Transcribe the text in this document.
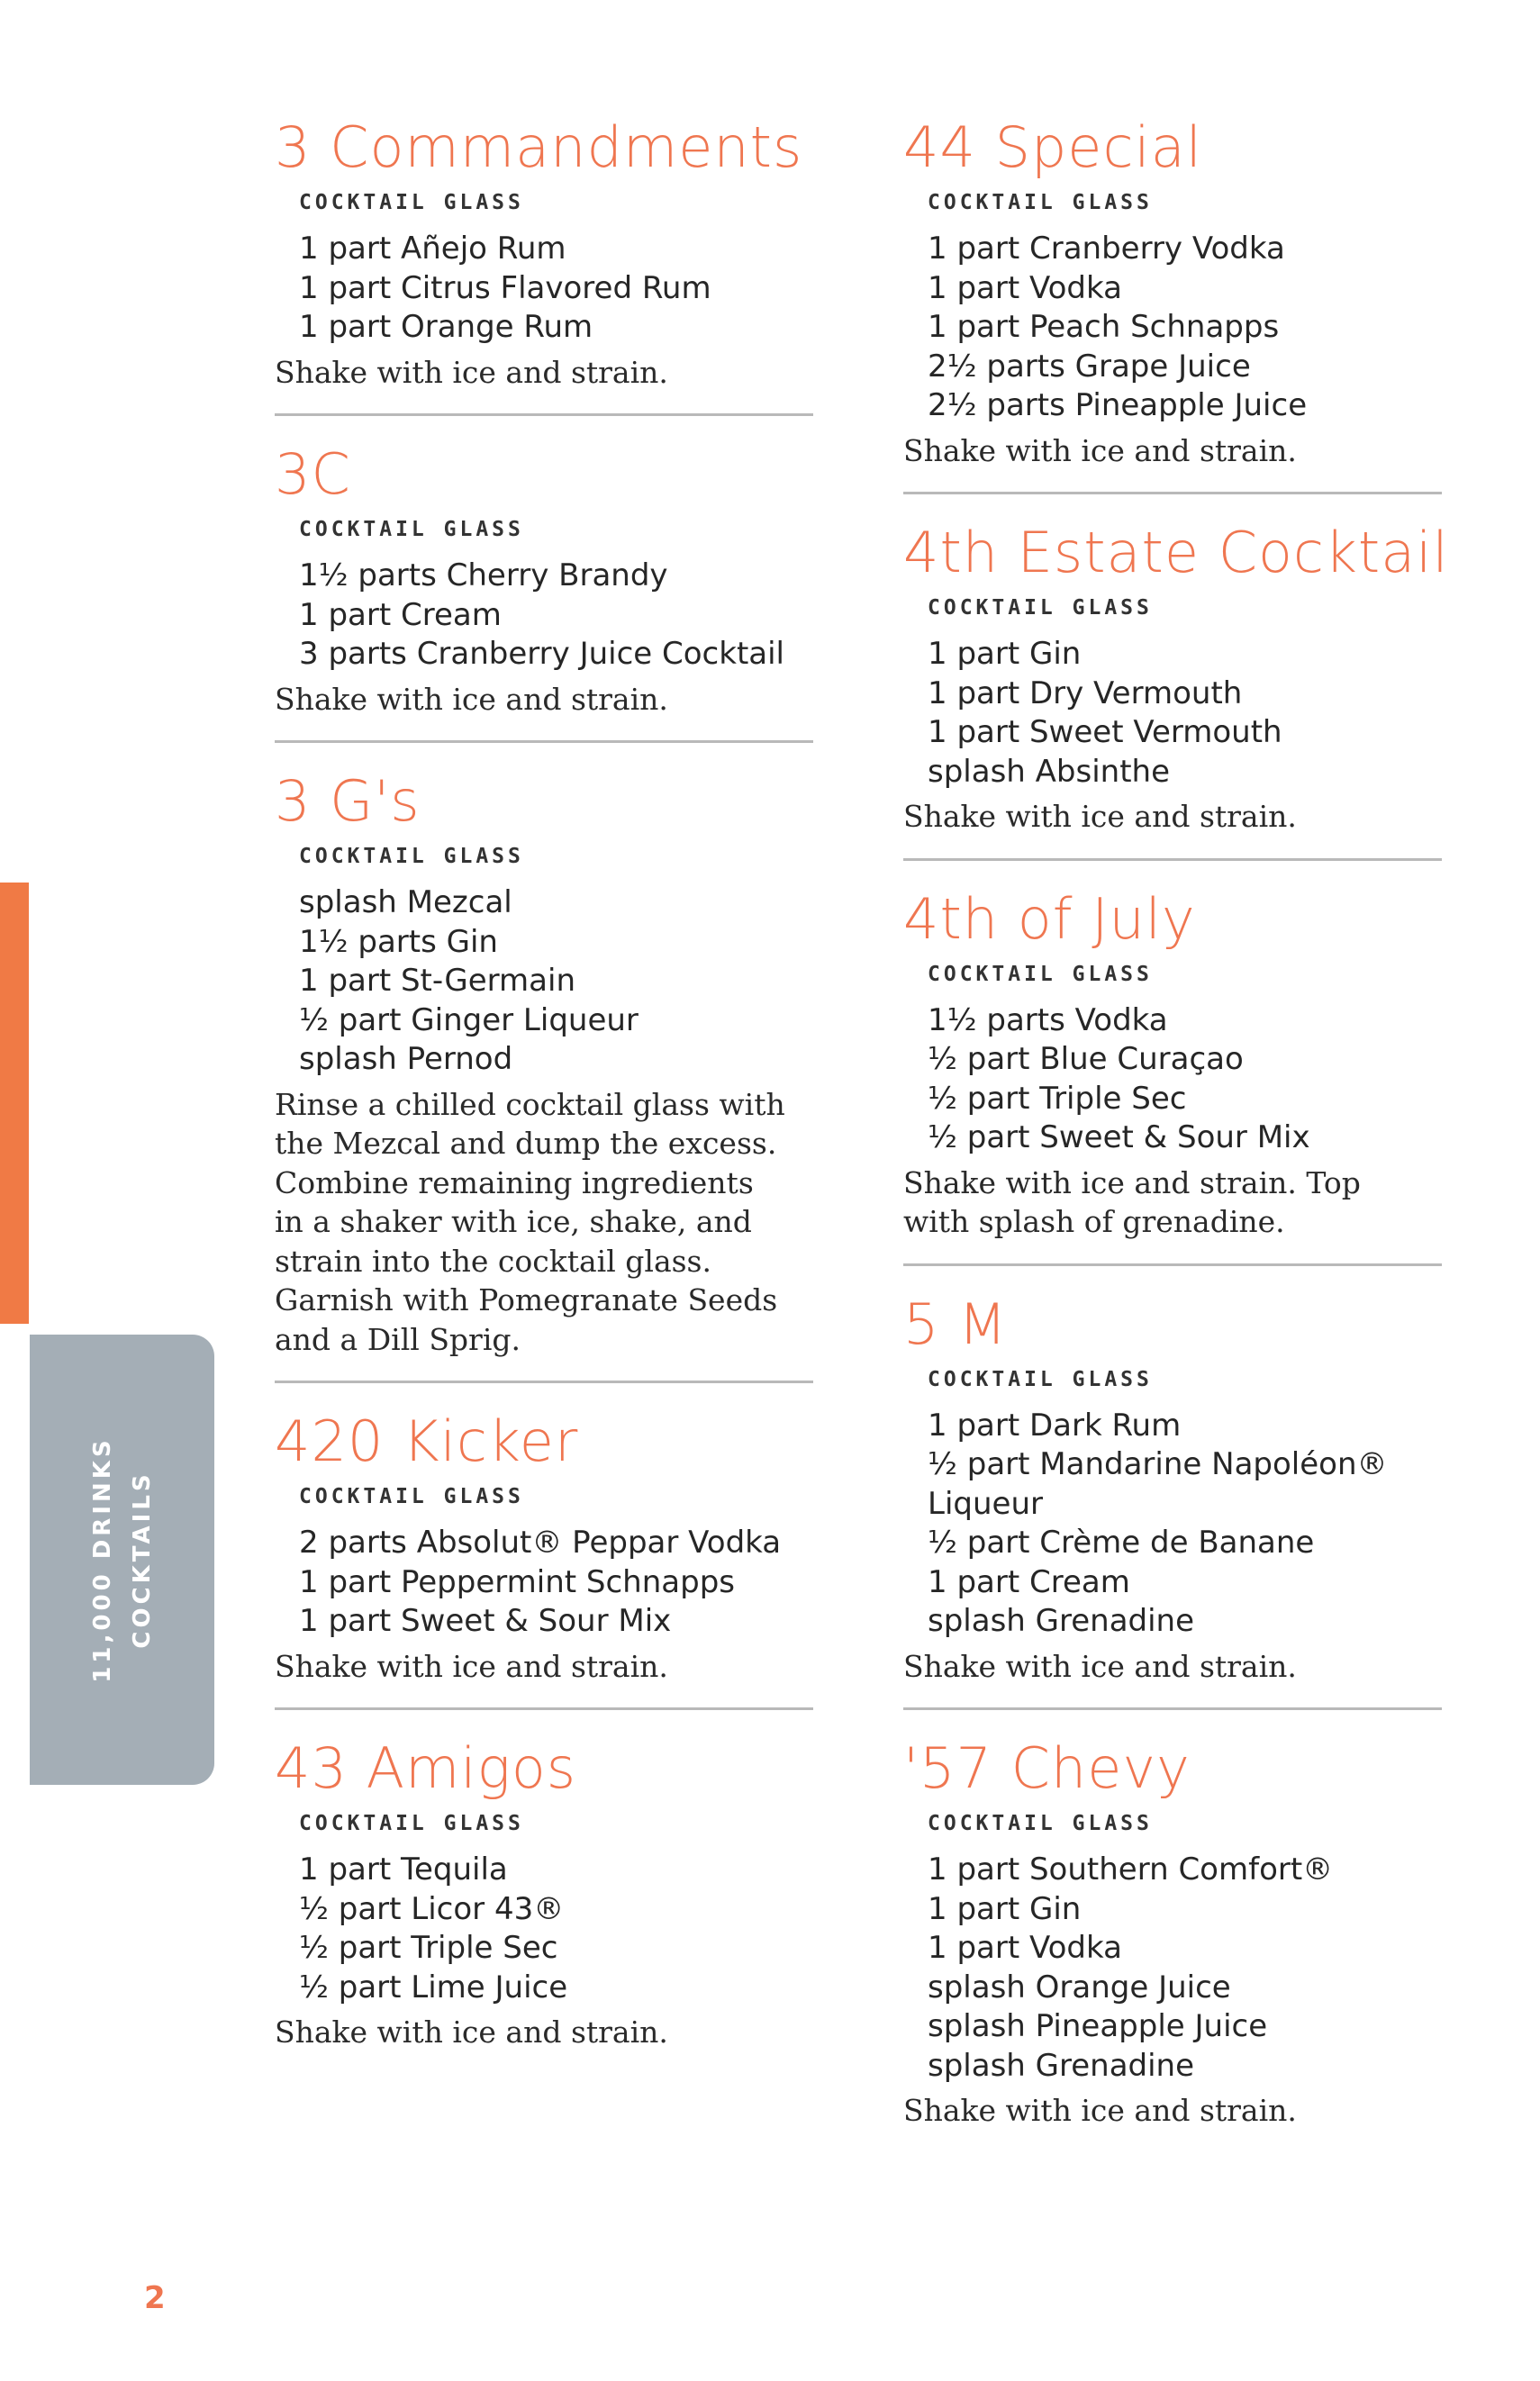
11,000 DRINKS COCKTAILS
3 Commandments
COCKTAIL GLASS
1 part Añejo Rum
1 part Citrus Flavored Rum
1 part Orange Rum

Shake with ice and strain.

3C
COCKTAIL GLASS
1½ parts Cherry Brandy
1 part Cream
3 parts Cranberry Juice Cocktail

Shake with ice and strain.

3 G's
COCKTAIL GLASS
splash Mezcal
1½ parts Gin
1 part St-Germain
½ part Ginger Liqueur
splash Pernod

Rinse a chilled cocktail glass with
the Mezcal and dump the excess.
Combine remaining ingredients
in a shaker with ice, shake, and
strain into the cocktail glass.
Garnish with Pomegranate Seeds
and a Dill Sprig.

420 Kicker
COCKTAIL GLASS
2 parts Absolut® Peppar Vodka
1 part Peppermint Schnapps
1 part Sweet & Sour Mix

Shake with ice and strain.

43 Amigos
COCKTAIL GLASS
1 part Tequila
½ part Licor 43®
½ part Triple Sec
½ part Lime Juice

Shake with ice and strain.

44 Special
COCKTAIL GLASS
1 part Cranberry Vodka
1 part Vodka
1 part Peach Schnapps
2½ parts Grape Juice
2½ parts Pineapple Juice

Shake with ice and strain.

4th Estate Cocktail
COCKTAIL GLASS
1 part Gin
1 part Dry Vermouth
1 part Sweet Vermouth
splash Absinthe

Shake with ice and strain.

4th of July
COCKTAIL GLASS
1½ parts Vodka
½ part Blue Curaçao
½ part Triple Sec
½ part Sweet & Sour Mix

Shake with ice and strain. Top
with splash of grenadine.

5 M
COCKTAIL GLASS
1 part Dark Rum
½ part Mandarine Napoléon®
Liqueur
½ part Crème de Banane
1 part Cream
splash Grenadine

Shake with ice and strain.

'57 Chevy
COCKTAIL GLASS
1 part Southern Comfort®
1 part Gin
1 part Vodka
splash Orange Juice
splash Pineapple Juice
splash Grenadine

Shake with ice and strain.

2
